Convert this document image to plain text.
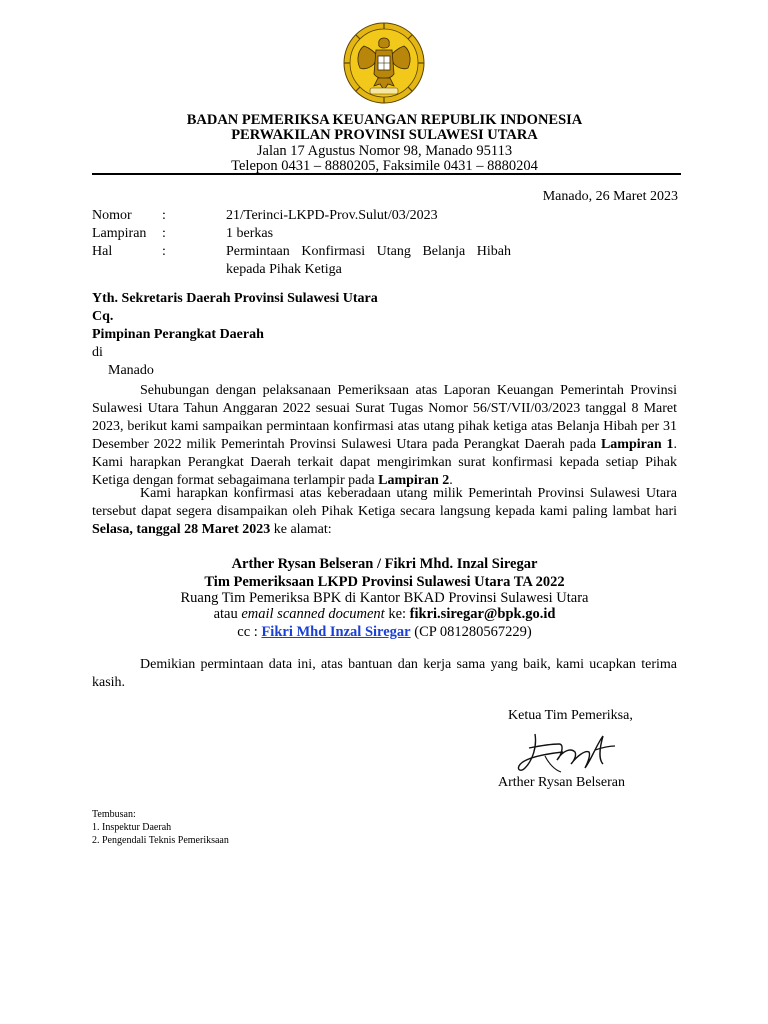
BADAN PEMERIKSA KEUANGAN REPUBLIK INDONESIA
PERWAKILAN PROVINSI SULAWESI UTARA
Jalan 17 Agustus Nomor 98, Manado 95113
Telepon 0431 – 8880205, Faksimile 0431 – 8880204
Manado, 26 Maret 2023
Nomor :	21/Terinci-LKPD-Prov.Sulut/03/2023
Lampiran :	1 berkas
Hal	:	Permintaan Konfirmasi Utang Belanja Hibah kepada Pihak Ketiga
Yth. Sekretaris Daerah Provinsi Sulawesi Utara
Cq.
Pimpinan Perangkat Daerah
di
Manado

Sehubungan dengan pelaksanaan Pemeriksaan atas Laporan Keuangan Pemerintah Provinsi Sulawesi Utara Tahun Anggaran 2022 sesuai Surat Tugas Nomor 56/ST/VII/03/2023 tanggal 8 Maret 2023, berikut kami sampaikan permintaan konfirmasi atas utang pihak ketiga atas Belanja Hibah per 31 Desember 2022 milik Pemerintah Provinsi Sulawesi Utara pada Perangkat Daerah pada Lampiran 1. Kami harapkan Perangkat Daerah terkait dapat mengirimkan surat konfirmasi kepada setiap Pihak Ketiga dengan format sebagaimana terlampir pada Lampiran 2.

Kami harapkan konfirmasi atas keberadaan utang milik Pemerintah Provinsi Sulawesi Utara tersebut dapat segera disampaikan oleh Pihak Ketiga secara langsung kepada kami paling lambat hari Selasa, tanggal 28 Maret 2023 ke alamat:

Arther Rysan Belseran / Fikri Mhd. Inzal Siregar
Tim Pemeriksaan LKPD Provinsi Sulawesi Utara TA 2022
Ruang Tim Pemeriksa BPK di Kantor BKAD Provinsi Sulawesi Utara
atau email scanned document ke: fikri.siregar@bpk.go.id
cc : Fikri Mhd Inzal Siregar (CP 081280567229)

Demikian permintaan data ini, atas bantuan dan kerja sama yang baik, kami ucapkan terima kasih.

Ketua Tim Pemeriksa,
Arther Rysan Belseran
Tembusan:
1. Inspektur Daerah
2. Pengendali Teknis Pemeriksaan
